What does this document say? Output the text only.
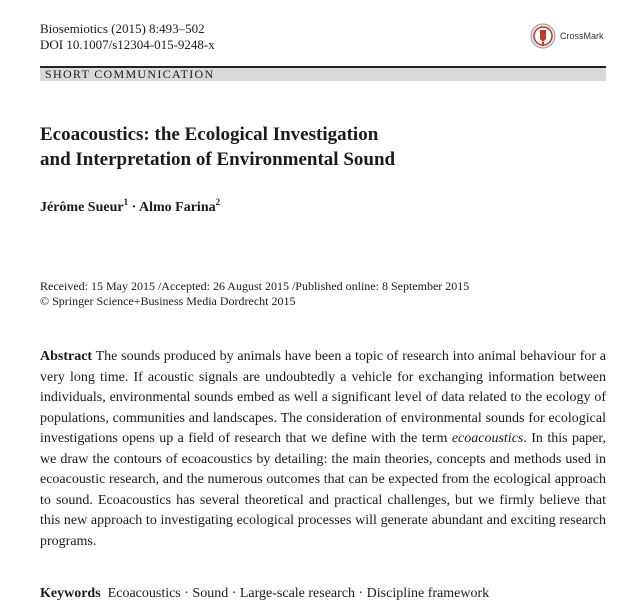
Biosemiotics (2015) 8:493–502
DOI 10.1007/s12304-015-9248-x
CrossMark
SHORT COMMUNICATION
Ecoacoustics: the Ecological Investigation
and Interpretation of Environmental Sound
Jérôme Sueur$^1$ · Almo Farina$^2$
Received: 15 May 2015 /Accepted: 26 August 2015 /Published online: 8 September 2015
© Springer Science+Business Media Dordrecht 2015

Abstract The sounds produced by animals have been a topic of research into animal behaviour for a very long time. If acoustic signals are undoubtedly a vehicle for exchanging information between individuals, environmental sounds embed as well a significant level of data related to the ecology of populations, communities and landscapes. The consideration of environmental sounds for ecological investigations opens up a field of research that we define with the term ecoacoustics. In this paper, we draw the contours of ecoacoustics by detailing: the main theories, concepts and methods used in ecoacoustic research, and the numerous outcomes that can be expected from the ecological approach to sound. Ecoacoustics has several theoretical and practical challenges, but we firmly believe that this new approach to investigating ecological processes will generate abundant and exciting research programs.

Keywords Ecoacoustics · Sound · Large-scale research · Discipline framework
